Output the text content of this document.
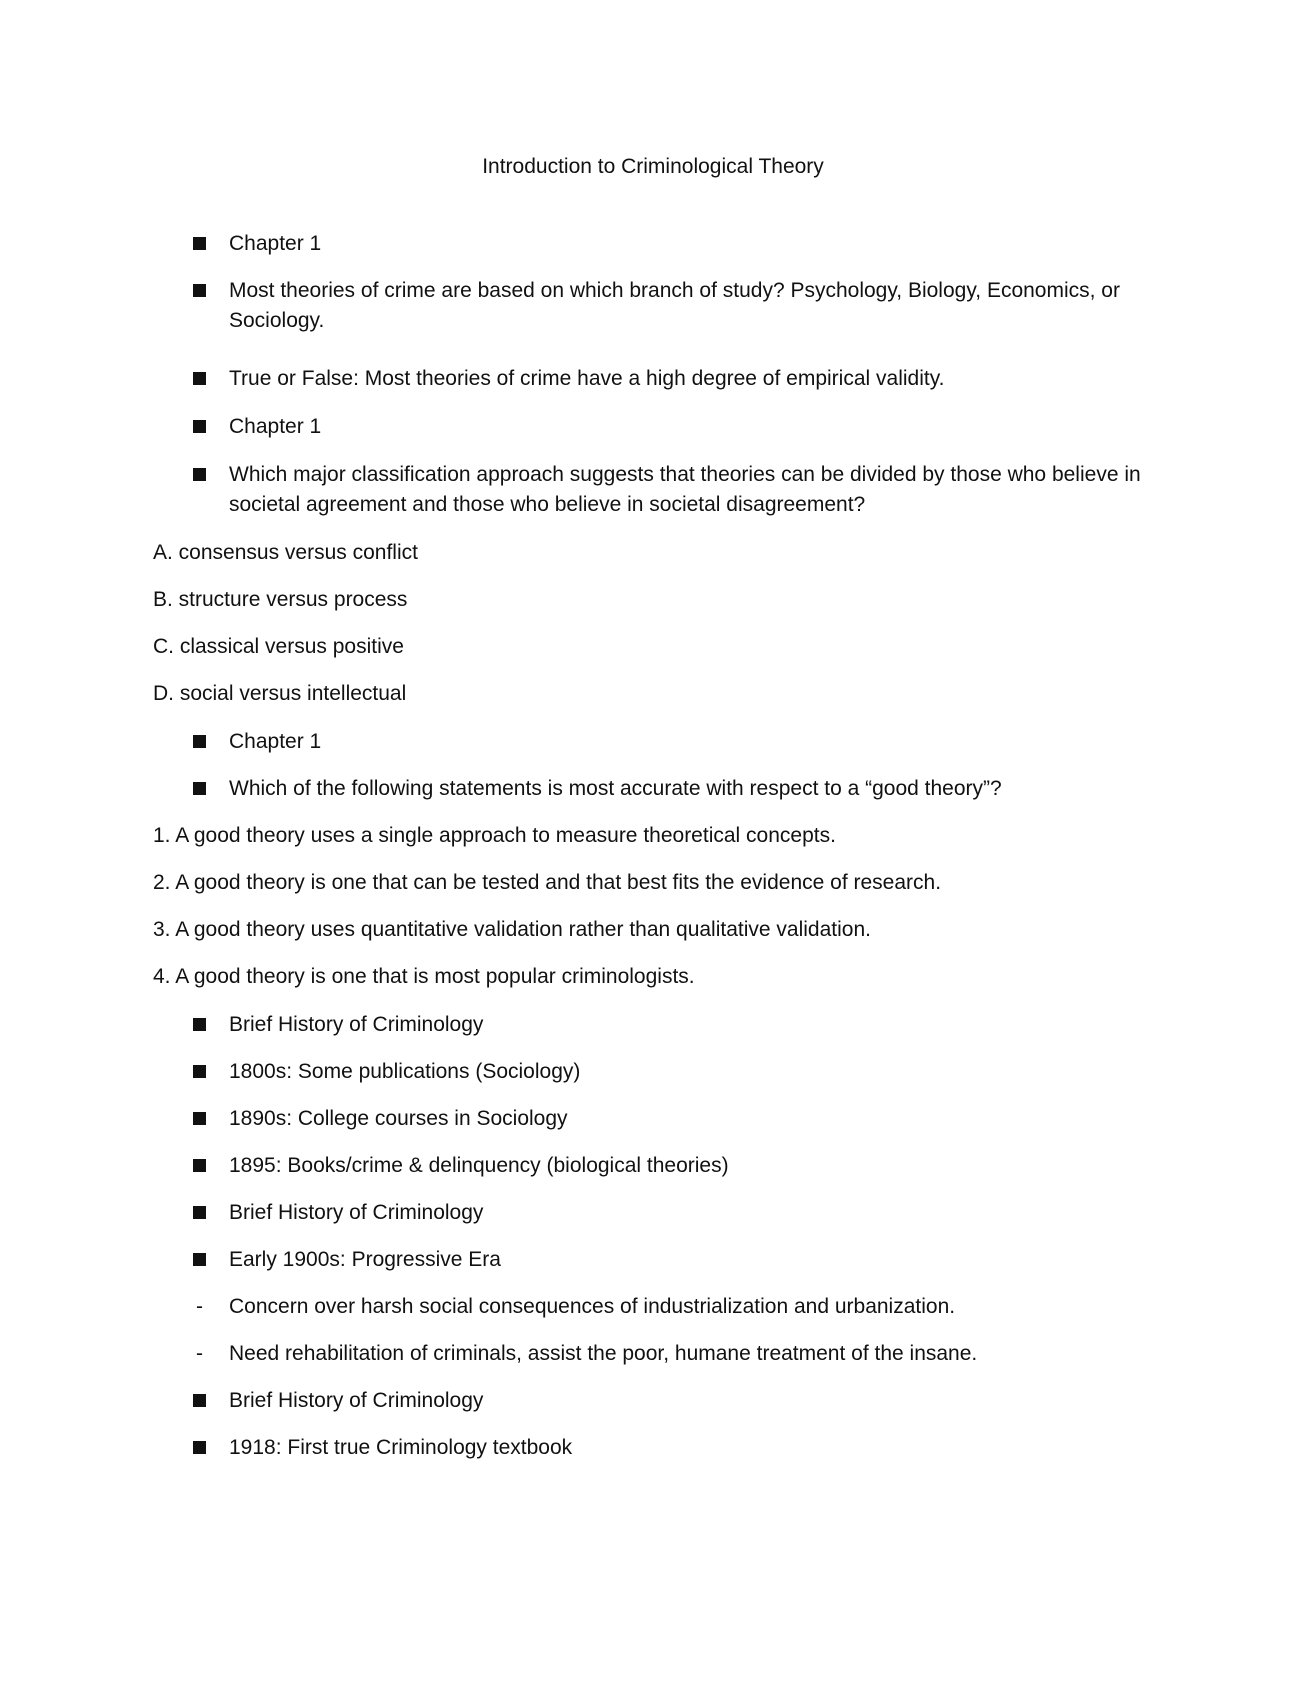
Introduction to Criminological Theory
Chapter 1
Most theories of crime are based on which branch of study? Psychology, Biology, Economics, or Sociology.
True or False: Most theories of crime have a high degree of empirical validity.
Chapter 1
Which major classification approach suggests that theories can be divided by those who believe in societal agreement and those who believe in societal disagreement?
A. consensus versus conflict
B. structure versus process
C. classical versus positive
D. social versus intellectual
Chapter 1
Which of the following statements is most accurate with respect to a “good theory”?
1. A good theory uses a single approach to measure theoretical concepts.
2. A good theory is one that can be tested and that best fits the evidence of research.
3. A good theory uses quantitative validation rather than qualitative validation.
4. A good theory is one that is most popular criminologists.
Brief History of Criminology
1800s: Some publications (Sociology)
1890s: College courses in Sociology
1895: Books/crime & delinquency (biological theories)
Brief History of Criminology
Early 1900s: Progressive Era
- Concern over harsh social consequences of industrialization and urbanization.
- Need rehabilitation of criminals, assist the poor, humane treatment of the insane.
Brief History of Criminology
1918: First true Criminology textbook
